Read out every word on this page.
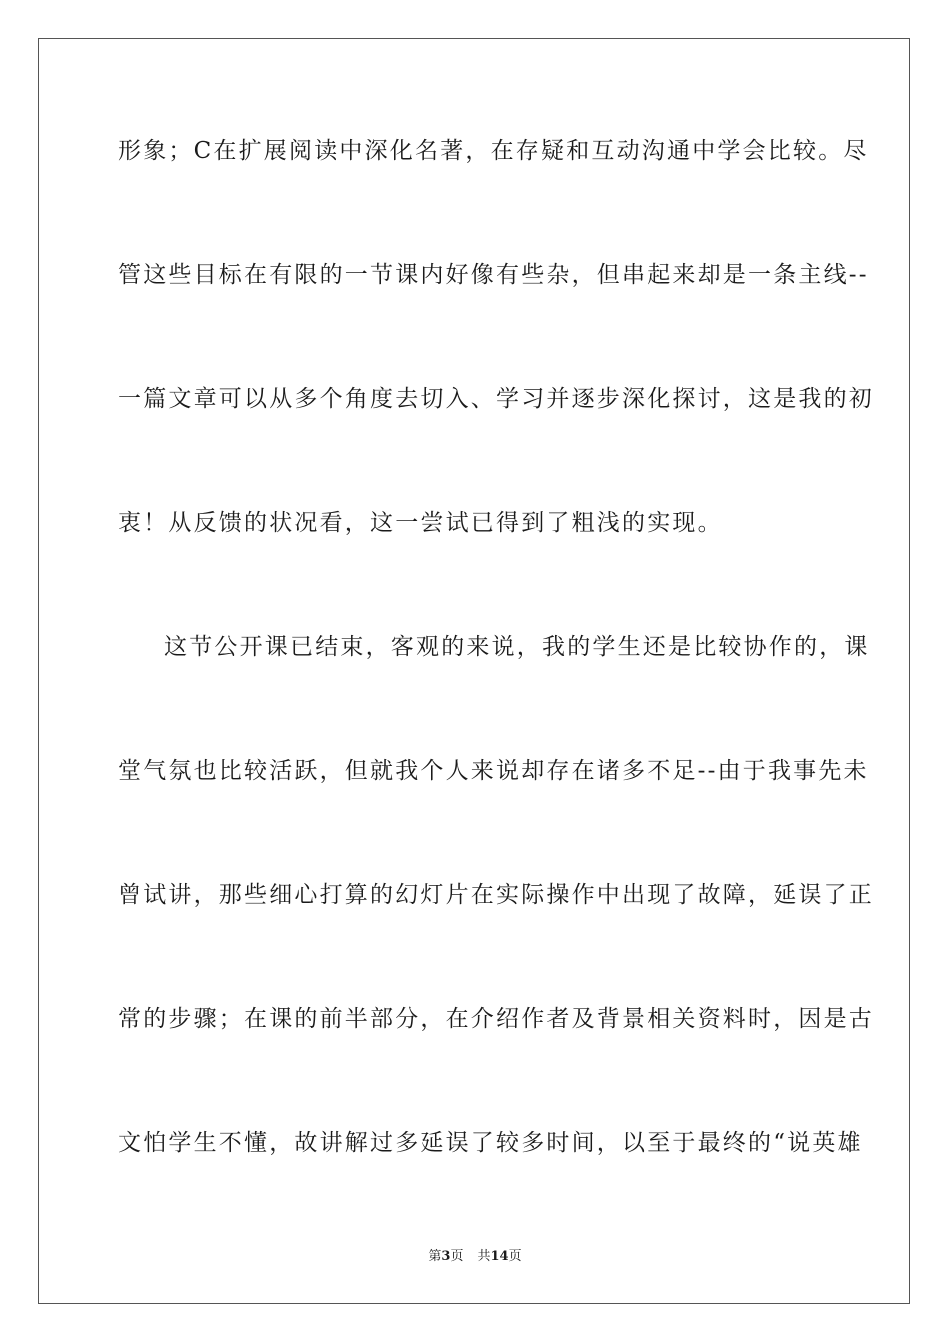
形象；C在扩展阅读中深化名著，在存疑和互动沟通中学会比较。尽
管这些目标在有限的一节课内好像有些杂，但串起来却是一条主线--
一篇文章可以从多个角度去切入、学习并逐步深化探讨，这是我的初
衷！从反馈的状况看，这一尝试已得到了粗浅的实现。
这节公开课已结束，客观的来说，我的学生还是比较协作的，课
堂气氛也比较活跃，但就我个人来说却存在诸多不足--由于我事先未
曾试讲，那些细心打算的幻灯片在实际操作中出现了故障，延误了正
常的步骤；在课的前半部分，在介绍作者及背景相关资料时，因是古
文怕学生不懂，故讲解过多延误了较多时间，以至于最终的“说英雄
第3页 共14页
